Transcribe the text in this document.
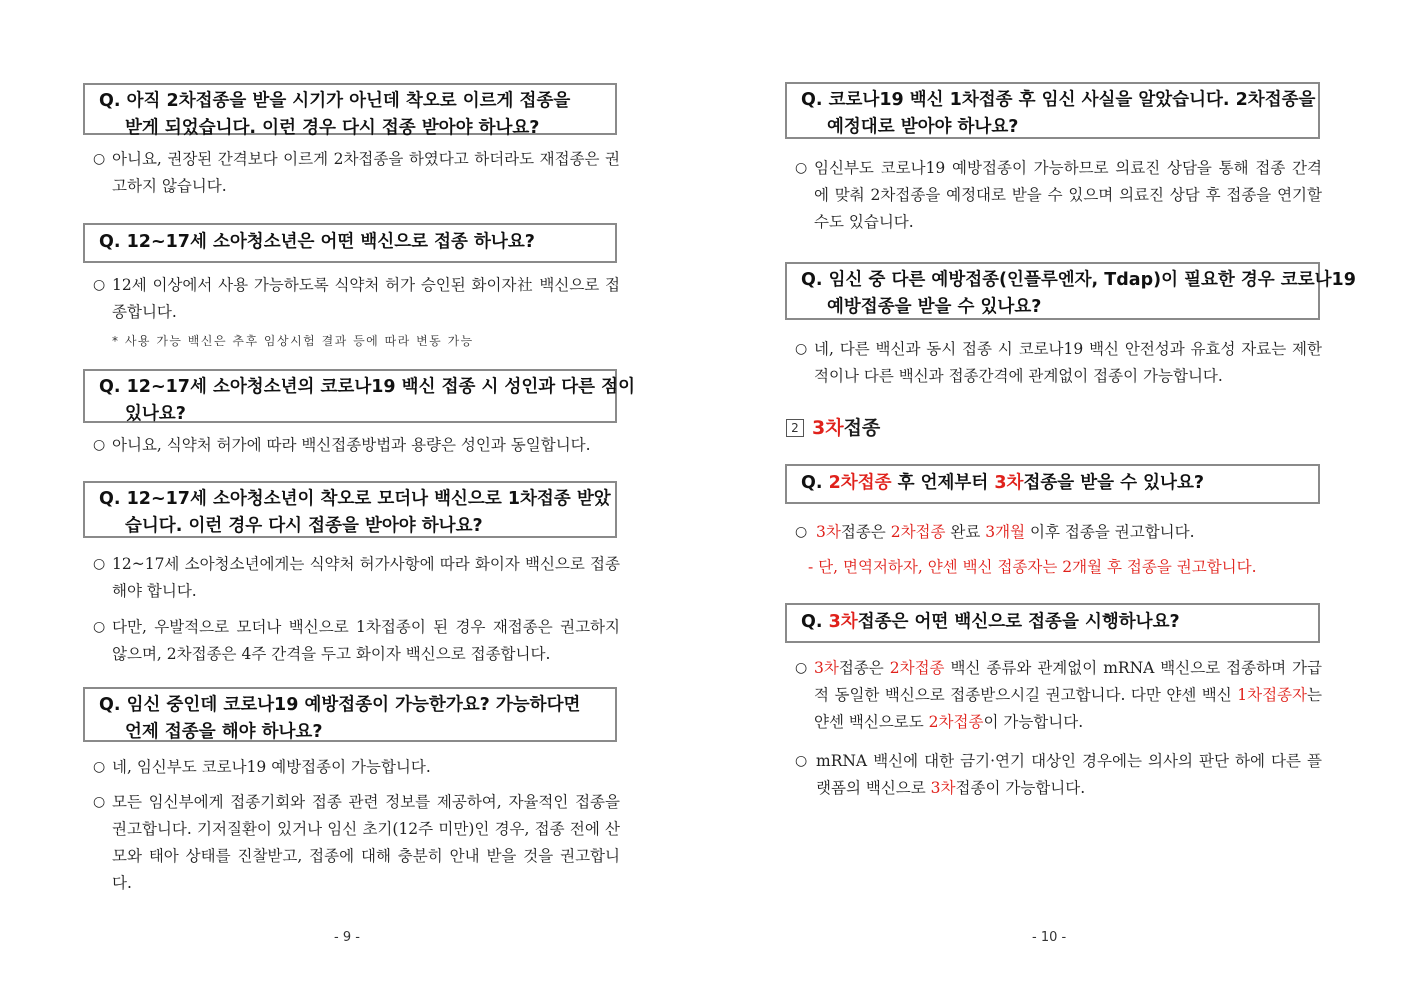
Q. 아직 2차접종을 받을 시기가 아닌데 착오로 이르게 접종을
받게 되었습니다. 이런 경우 다시 접종 받아야 하나요?
○ 아니요, 권장된 간격보다 이르게 2차접종을 하였다고 하더라도 재접종은 권고하지 않습니다.
Q. 12~17세 소아청소년은 어떤 백신으로 접종 하나요?
○ 12세 이상에서 사용 가능하도록 식약처 허가 승인된 화이자社 백신으로 접종합니다.
* 사용 가능 백신은 추후 임상시험 결과 등에 따라 변동 가능
Q. 12~17세 소아청소년의 코로나19 백신 접종 시 성인과 다른 점이
있나요?
○ 아니요, 식약처 허가에 따라 백신접종방법과 용량은 성인과 동일합니다.
Q. 12~17세 소아청소년이 착오로 모더나 백신으로 1차접종 받았
습니다. 이런 경우 다시 접종을 받아야 하나요?
○ 12~17세 소아청소년에게는 식약처 허가사항에 따라 화이자 백신으로 접종해야 합니다.
○ 다만, 우발적으로 모더나 백신으로 1차접종이 된 경우 재접종은 권고하지 않으며, 2차접종은 4주 간격을 두고 화이자 백신으로 접종합니다.
Q. 임신 중인데 코로나19 예방접종이 가능한가요? 가능하다면
언제 접종을 해야 하나요?
○ 네, 임신부도 코로나19 예방접종이 가능합니다.
○ 모든 임신부에게 접종기회와 접종 관련 정보를 제공하여, 자율적인 접종을 권고합니다. 기저질환이 있거나 임신 초기(12주 미만)인 경우, 접종 전에 산모와 태아 상태를 진찰받고, 접종에 대해 충분히 안내 받을 것을 권고합니다.
- 9 -
Q. 코로나19 백신 1차접종 후 임신 사실을 알았습니다. 2차접종을
예정대로 받아야 하나요?
○ 임신부도 코로나19 예방접종이 가능하므로 의료진 상담을 통해 접종 간격에 맞춰 2차접종을 예정대로 받을 수 있으며 의료진 상담 후 접종을 연기할 수도 있습니다.
Q. 임신 중 다른 예방접종(인플루엔자, Tdap)이 필요한 경우 코로나19
예방접종을 받을 수 있나요?
○ 네, 다른 백신과 동시 접종 시 코로나19 백신 안전성과 유효성 자료는 제한적이나 다른 백신과 접종간격에 관계없이 접종이 가능합니다.
2 3차접종
Q. 2차접종 후 언제부터 3차접종을 받을 수 있나요?
○ 3차접종은 2차접종 완료 3개월 이후 접종을 권고합니다.
- 단, 면역저하자, 얀센 백신 접종자는 2개월 후 접종을 권고합니다.
Q. 3차접종은 어떤 백신으로 접종을 시행하나요?
○ 3차접종은 2차접종 백신 종류와 관계없이 mRNA 백신으로 접종하며 가급적 동일한 백신으로 접종받으시길 권고합니다. 다만 얀센 백신 1차접종자는 얀센 백신으로도 2차접종이 가능합니다.
○ mRNA 백신에 대한 금기·연기 대상인 경우에는 의사의 판단 하에 다른 플랫폼의 백신으로 3차접종이 가능합니다.
- 10 -
